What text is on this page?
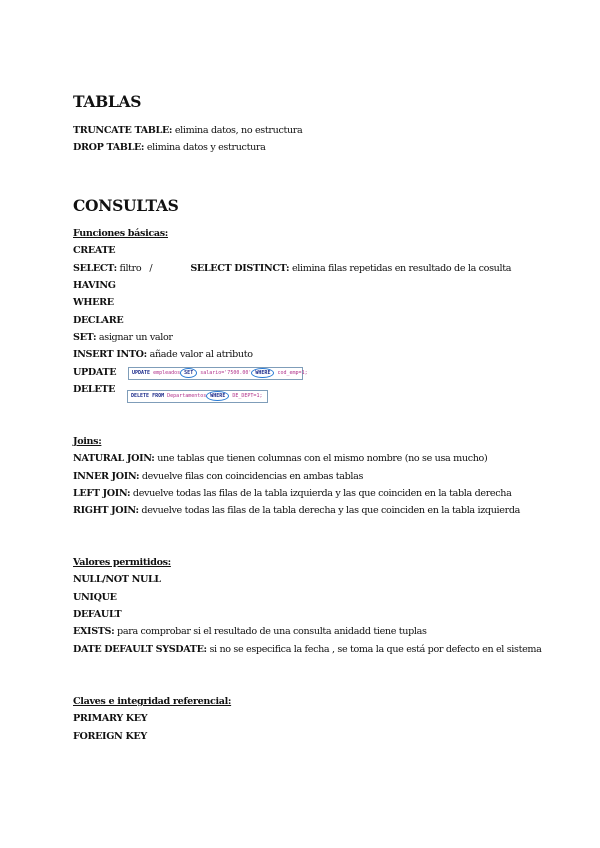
TABLAS
TRUNCATE TABLE: elimina datos, no estructura
DROP TABLE: elimina datos y estructura
CONSULTAS
Funciones básicas:
CREATE
SELECT: filtro   /	SELECT DISTINCT: elimina filas repetidas en resultado de la cosulta
HAVING
WHERE
DECLARE
SET: asignar un valor
INSERT INTO: añade valor al atributo
UPDATE
DELETE
UPDATE empleados SET salario='7500.00' WHERE cod_emp=1;
DELETE FROM Departamentos WHERE DE_DEPT=1;
Joins:
NATURAL JOIN: une tablas que tienen columnas con el mismo nombre (no se usa mucho)
INNER JOIN: devuelve filas con coincidencias en ambas tablas
LEFT JOIN: devuelve todas las filas de la tabla izquierda y las que coinciden en la tabla derecha
RIGHT JOIN: devuelve todas las filas de la tabla derecha y las que coinciden en la tabla izquierda
Valores permitidos:
NULL/NOT NULL
UNIQUE
DEFAULT
EXISTS: para comprobar si el resultado de una consulta anidadd tiene tuplas
DATE DEFAULT SYSDATE: si no se especifica la fecha , se toma la que está por defecto en el sistema
Claves e integridad referencial:
PRIMARY KEY
FOREIGN KEY
